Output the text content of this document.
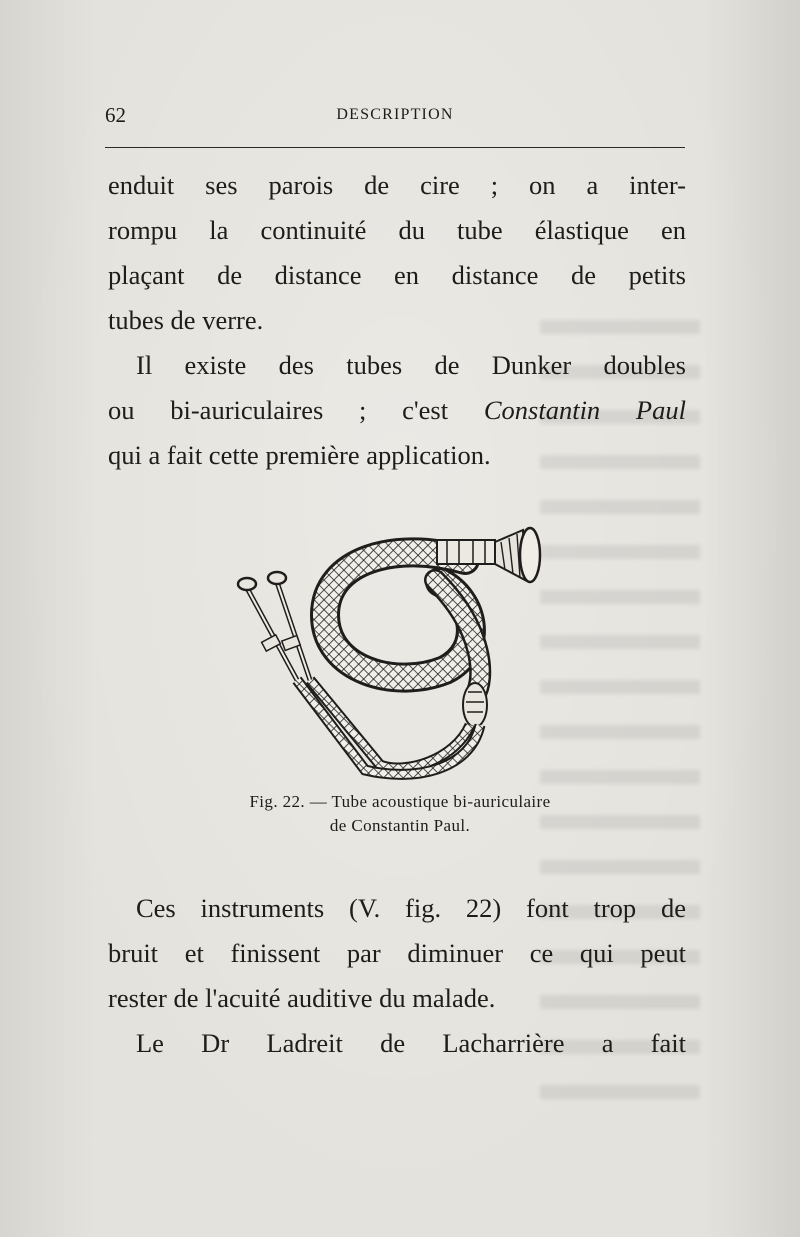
62	DESCRIPTION
enduit ses parois de cire ; on a inter-
rompu la continuité du tube élastique en
plaçant de distance en distance de petits
tubes de verre.
Il existe des tubes de Dunker doubles
ou bi-auriculaires ; c'est Constantin Paul
qui a fait cette première application.
Fig. 22. — Tube acoustique bi-auriculaire
de Constantin Paul.
Ces instruments (V. fig. 22) font trop de
bruit et finissent par diminuer ce qui peut
rester de l'acuité auditive du malade.
Le Dr Ladreit de Lacharrière a fait
